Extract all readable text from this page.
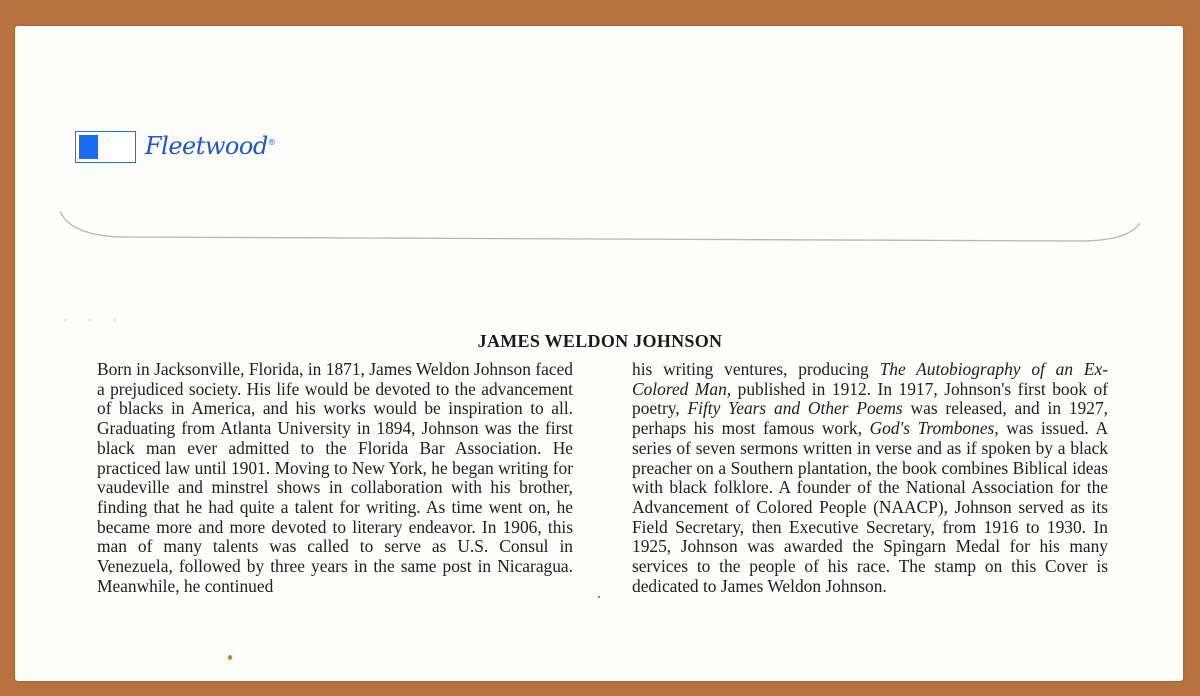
Fleetwood®
· · ·
JAMES WELDON JOHNSON

Born in Jacksonville, Florida, in 1871, James Weldon Johnson faced a prejudiced society. His life would be devoted to the advancement of blacks in America, and his works would be inspiration to all. Graduating from Atlanta University in 1894, Johnson was the first black man ever admitted to the Florida Bar Association. He practiced law until 1901. Moving to New York, he began writing for vaudeville and minstrel shows in collaboration with his brother, finding that he had quite a talent for writing. As time went on, he became more and more devoted to literary endeavor. In 1906, this man of many talents was called to serve as U.S. Consul in Venezuela, followed by three years in the same post in Nicaragua. Meanwhile, he continued

his writing ventures, producing The Autobiography of an Ex-Colored Man, published in 1912. In 1917, Johnson's first book of poetry, Fifty Years and Other Poems was released, and in 1927, perhaps his most famous work, God's Trombones, was issued. A series of seven sermons written in verse and as if spoken by a black preacher on a Southern plantation, the book combines Biblical ideas with black folklore. A founder of the National Association for the Advancement of Colored People (NAACP), Johnson served as its Field Secretary, then Executive Secretary, from 1916 to 1930. In 1925, Johnson was awarded the Spingarn Medal for his many services to the people of his race. The stamp on this Cover is dedicated to James Weldon Johnson.
